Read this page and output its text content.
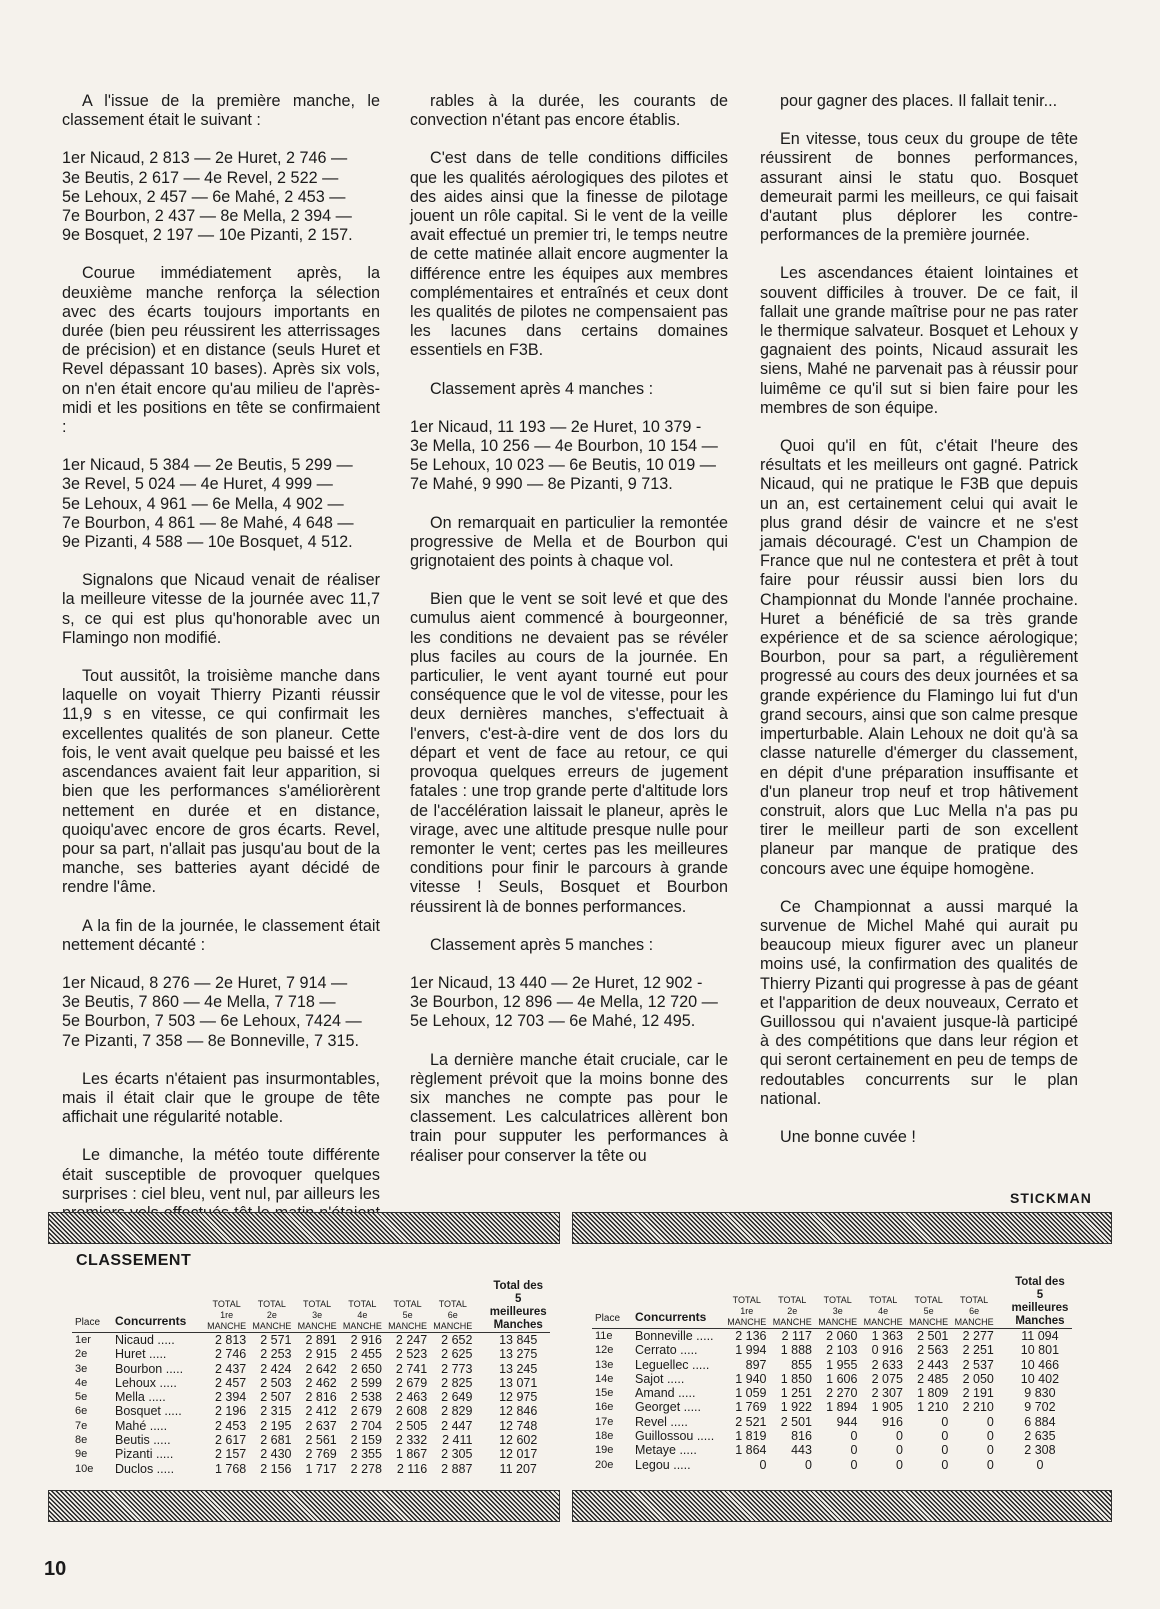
A l'issue de la première manche, le classement était le suivant :

1er Nicaud, 2 813 — 2e Huret, 2 746 —
3e Beutis, 2 617 — 4e Revel, 2 522 —
5e Lehoux, 2 457 — 6e Mahé, 2 453 —
7e Bourbon, 2 437 — 8e Mella, 2 394 —
9e Bosquet, 2 197 — 10e Pizanti, 2 157.

Courue immédiatement après, la deuxième manche renforça la sélection avec des écarts toujours importants en durée (bien peu réussirent les atterrissages de précision) et en distance (seuls Huret et Revel dépassant 10 bases). Après six vols, on n'en était encore qu'au milieu de l'après-midi et les positions en tête se confirmaient :

1er Nicaud, 5 384 — 2e Beutis, 5 299 —
3e Revel, 5 024 — 4e Huret, 4 999 —
5e Lehoux, 4 961 — 6e Mella, 4 902 —
7e Bourbon, 4 861 — 8e Mahé, 4 648 —
9e Pizanti, 4 588 — 10e Bosquet, 4 512.

Signalons que Nicaud venait de réaliser la meilleure vitesse de la journée avec 11,7 s, ce qui est plus qu'honorable avec un Flamingo non modifié.

Tout aussitôt, la troisième manche dans laquelle on voyait Thierry Pizanti réussir 11,9 s en vitesse, ce qui confirmait les excellentes qualités de son planeur. Cette fois, le vent avait quelque peu baissé et les ascendances avaient fait leur apparition, si bien que les performances s'améliorèrent nettement en durée et en distance, quoiqu'avec encore de gros écarts. Revel, pour sa part, n'allait pas jusqu'au bout de la manche, ses batteries ayant décidé de rendre l'âme.

A la fin de la journée, le classement était nettement décanté :

1er Nicaud, 8 276 — 2e Huret, 7 914 —
3e Beutis, 7 860 — 4e Mella, 7 718 —
5e Bourbon, 7 503 — 6e Lehoux, 7424 —
7e Pizanti, 7 358 — 8e Bonneville, 7 315.

Les écarts n'étaient pas insurmontables, mais il était clair que le groupe de tête affichait une régularité notable.

Le dimanche, la météo toute différente était susceptible de provoquer quelques surprises : ciel bleu, vent nul, par ailleurs les

rables à la durée, les courants de convection n'étant pas encore établis.

C'est dans de telle conditions difficiles que les qualités aérologiques des pilotes et des aides ainsi que la finesse de pilotage jouent un rôle capital. Si le vent de la veille avait effectué un premier tri, le temps neutre de cette matinée allait encore augmenter la différence entre les équipes aux membres complémentaires et entraînés et ceux dont les qualités de pilotes ne compensaient pas les lacunes dans certains domaines essentiels en F3B.

Classement après 4 manches :

1er Nicaud, 11 193 — 2e Huret, 10 379 -
3e Mella, 10 256 — 4e Bourbon, 10 154 —
5e Lehoux, 10 023 — 6e Beutis, 10 019 —
7e Mahé, 9 990 — 8e Pizanti, 9 713.

On remarquait en particulier la remontée progressive de Mella et de Bourbon qui grignotaient des points à chaque vol.

Bien que le vent se soit levé et que des cumulus aient commencé à bourgeonner, les conditions ne devaient pas se révéler plus faciles au cours de la journée. En particulier, le vent ayant tourné eut pour conséquence que le vol de vitesse, pour les deux dernières manches, s'effectuait à l'envers, c'est-à-dire vent de dos lors du départ et vent de face au retour, ce qui provoqua quelques erreurs de jugement fatales : une trop grande perte d'altitude lors de l'accélération laissait le planeur, après le virage, avec une altitude presque nulle pour remonter le vent; certes pas les meilleures conditions pour finir le parcours à grande vitesse ! Seuls, Bosquet et Bourbon réussirent là de bonnes performances.

Classement après 5 manches :

1er Nicaud, 13 440 — 2e Huret, 12 902 -
3e Bourbon, 12 896 — 4e Mella, 12 720 —
5e Lehoux, 12 703 — 6e Mahé, 12 495.

La dernière manche était cruciale, car le règlement prévoit que la moins bonne des six manches ne compte pas pour le classement. Les calculatrices allèrent bon train pour supputer les performances à réaliser pour conserver la tête ou

pour gagner des places. Il fallait tenir...

En vitesse, tous ceux du groupe de tête réussirent de bonnes performances, assurant ainsi le statu quo. Bosquet demeurait parmi les meilleurs, ce qui faisait d'autant plus déplorer les contre-performances de la première journée.

Les ascendances étaient lointaines et souvent difficiles à trouver. De ce fait, il fallait une grande maîtrise pour ne pas rater le thermique salvateur. Bosquet et Lehoux y gagnaient des points, Nicaud assurait les siens, Mahé ne parvenait pas à réussir pour luimême ce qu'il sut si bien faire pour les membres de son équipe.

Quoi qu'il en fût, c'était l'heure des résultats et les meilleurs ont gagné. Patrick Nicaud, qui ne pratique le F3B que depuis un an, est certainement celui qui avait le plus grand désir de vaincre et ne s'est jamais découragé. C'est un Champion de France que nul ne contestera et prêt à tout faire pour réussir aussi bien lors du Championnat du Monde l'année prochaine. Huret a bénéficié de sa très grande expérience et de sa science aérologique; Bourbon, pour sa part, a régulièrement progressé au cours des deux journées et sa grande expérience du Flamingo lui fut d'un grand secours, ainsi que son calme presque imperturbable. Alain Lehoux ne doit qu'à sa classe naturelle d'émerger du classement, en dépit d'une préparation insuffisante et d'un planeur trop neuf et trop hâtivement construit, alors que Luc Mella n'a pas pu tirer le meilleur parti de son excellent planeur par manque de pratique des concours avec une équipe homogène.

Ce Championnat a aussi marqué la survenue de Michel Mahé qui aurait pu beaucoup mieux figurer avec un planeur moins usé, la confirmation des qualités de Thierry Pizanti qui progresse à pas de géant et l'apparition de deux nouveaux, Cerrato et Guillossou qui n'avaient jusque-là participé à des compétitions que dans leur région et qui seront certainement en peu de temps de redoutables concurrents sur le plan national.

Une bonne cuvée !

STICKMAN
CLASSEMENT
Place	Concurrents	TOTAL 1re MANCHE	TOTAL 2e MANCHE	TOTAL 3e MANCHE	TOTAL 4e MANCHE	TOTAL 5e MANCHE	TOTAL 6e MANCHE	Total des 5 meilleures Manches
1er	Nicaud .....	2 813	2 571	2 891	2 916	2 247	2 652	13 845
2e	Huret .....	2 746	2 253	2 915	2 455	2 523	2 625	13 275
3e	Bourbon .....	2 437	2 424	2 642	2 650	2 741	2 773	13 245
4e	Lehoux .....	2 457	2 503	2 462	2 599	2 679	2 825	13 071
5e	Mella .....	2 394	2 507	2 816	2 538	2 463	2 649	12 975
6e	Bosquet .....	2 196	2 315	2 412	2 679	2 608	2 829	12 846
7e	Mahé .....	2 453	2 195	2 637	2 704	2 505	2 447	12 748
8e	Beutis .....	2 617	2 681	2 561	2 159	2 332	2 411	12 602
9e	Pizanti .....	2 157	2 430	2 769	2 355	1 867	2 305	12 017
10e	Duclos .....	1 768	2 156	1 717	2 278	2 116	2 887	11 207
Place	Concurrents	TOTAL 1re MANCHE	TOTAL 2e MANCHE	TOTAL 3e MANCHE	TOTAL 4e MANCHE	TOTAL 5e MANCHE	TOTAL 6e MANCHE	Total des 5 meilleures Manches
11e	Bonneville .....	2 136	2 117	2 060	1 363	2 501	2 277	11 094
12e	Cerrato .....	1 994	1 888	2 103	0 916	2 563	2 251	10 801
13e	Leguellec .....	897	855	1 955	2 633	2 443	2 537	10 466
14e	Sajot .....	1 940	1 850	1 606	2 075	2 485	2 050	10 402
15e	Amand .....	1 059	1 251	2 270	2 307	1 809	2 191	9 830
16e	Georget .....	1 769	1 922	1 894	1 905	1 210	2 210	9 702
17e	Revel .....	2 521	2 501	944	916	0	0	6 884
18e	Guillossou .....	1 819	816	0	0	0	0	2 635
19e	Metaye .....	1 864	443	0	0	0	0	2 308
20e	Legou .....	0	0	0	0	0	0	0
10
